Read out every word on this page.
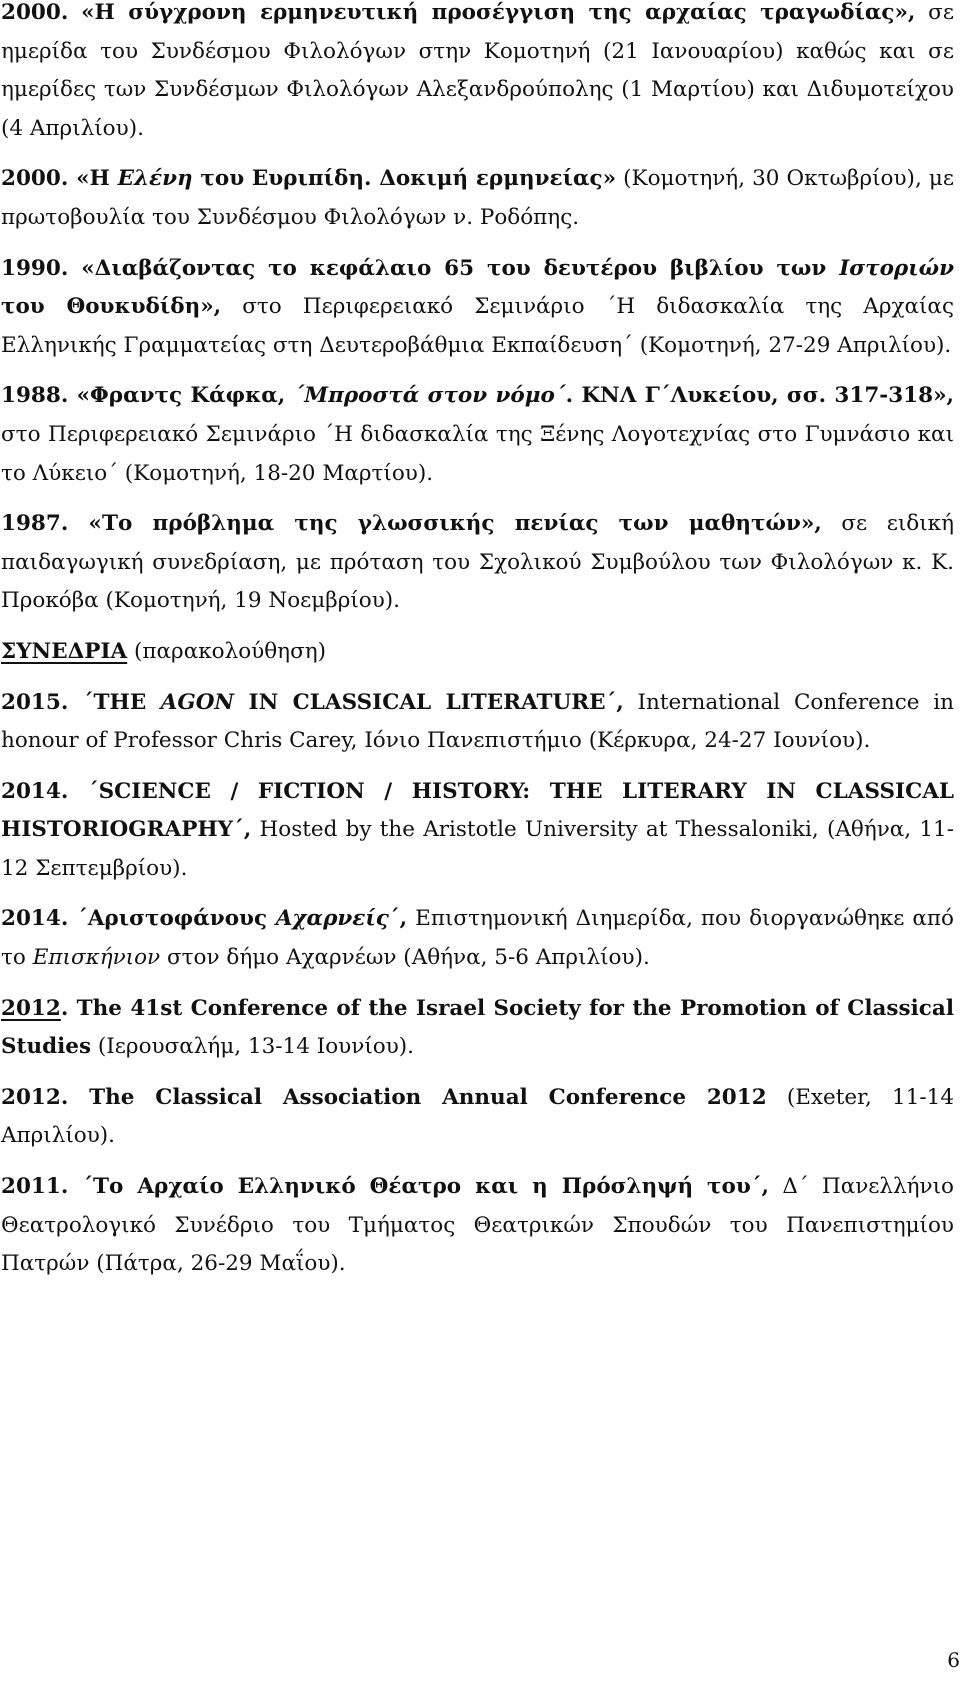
2000. «Η σύγχρονη ερμηνευτική προσέγγιση της αρχαίας τραγωδίας», σε ημερίδα του Συνδέσμου Φιλολόγων στην Κομοτηνή (21 Ιανουαρίου) καθώς και σε ημερίδες των Συνδέσμων Φιλολόγων Αλεξανδρούπολης (1 Μαρτίου) και Διδυμοτείχου (4 Απριλίου).

2000. «Η Ελένη του Ευριπίδη. Δοκιμή ερμηνείας» (Κομοτηνή, 30 Οκτωβρίου), με πρωτοβουλία του Συνδέσμου Φιλολόγων ν. Ροδόπης.

1990. «Διαβάζοντας το κεφάλαιο 65 του δευτέρου βιβλίου των Ιστοριών του Θουκυδίδη», στο Περιφερειακό Σεμινάριο ΄Η διδασκαλία της Αρχαίας Ελληνικής Γραμματείας στη Δευτεροβάθμια Εκπαίδευση΄ (Κομοτηνή, 27-29 Απριλίου).

1988. «Φραντς Κάφκα, ΄Μπροστά στον νόμο΄. ΚΝΛ Γ΄Λυκείου, σσ. 317-318», στο Περιφερειακό Σεμινάριο ΄Η διδασκαλία της Ξένης Λογοτεχνίας στο Γυμνάσιο και το Λύκειο΄ (Κομοτηνή, 18-20 Μαρτίου).

1987. «Το πρόβλημα της γλωσσικής πενίας των μαθητών», σε ειδική παιδαγωγική συνεδρίαση, με πρόταση του Σχολικού Συμβούλου των Φιλολόγων κ. Κ. Προκόβα (Κομοτηνή, 19 Νοεμβρίου).

ΣΥΝΕΔΡΙΑ (παρακολούθηση)

2015. ΄THE AGON IN CLASSICAL LITERATURE΄, International Conference in honour of Professor Chris Carey, Ιόνιο Πανεπιστήμιο (Κέρκυρα, 24-27 Ιουνίου).

2014. ΄SCIENCE / FICTION / HISTORY: THE LITERARY IN CLASSICAL HISTORIOGRAPHY΄, Hosted by the Aristotle University at Thessaloniki, (Αθήνα, 11-12 Σεπτεμβρίου).

2014. ΄Αριστοφάνους Αχαρνείς΄, Επιστημονική Διημερίδα, που διοργανώθηκε από το Επισκήνιον στον δήμο Αχαρνέων (Αθήνα, 5-6 Απριλίου).

2012. The 41st Conference of the Israel Society for the Promotion of Classical Studies (Ιερουσαλήμ, 13-14 Ιουνίου).

2012. The Classical Association Annual Conference 2012 (Exeter, 11-14 Απριλίου).

2011. ΄Το Αρχαίο Ελληνικό Θέατρο και η Πρόσληψή του΄, Δ΄ Πανελλήνιο Θεατρολογικό Συνέδριο του Τμήματος Θεατρικών Σπουδών του Πανεπιστημίου Πατρών (Πάτρα, 26-29 Μαΐου).

6
